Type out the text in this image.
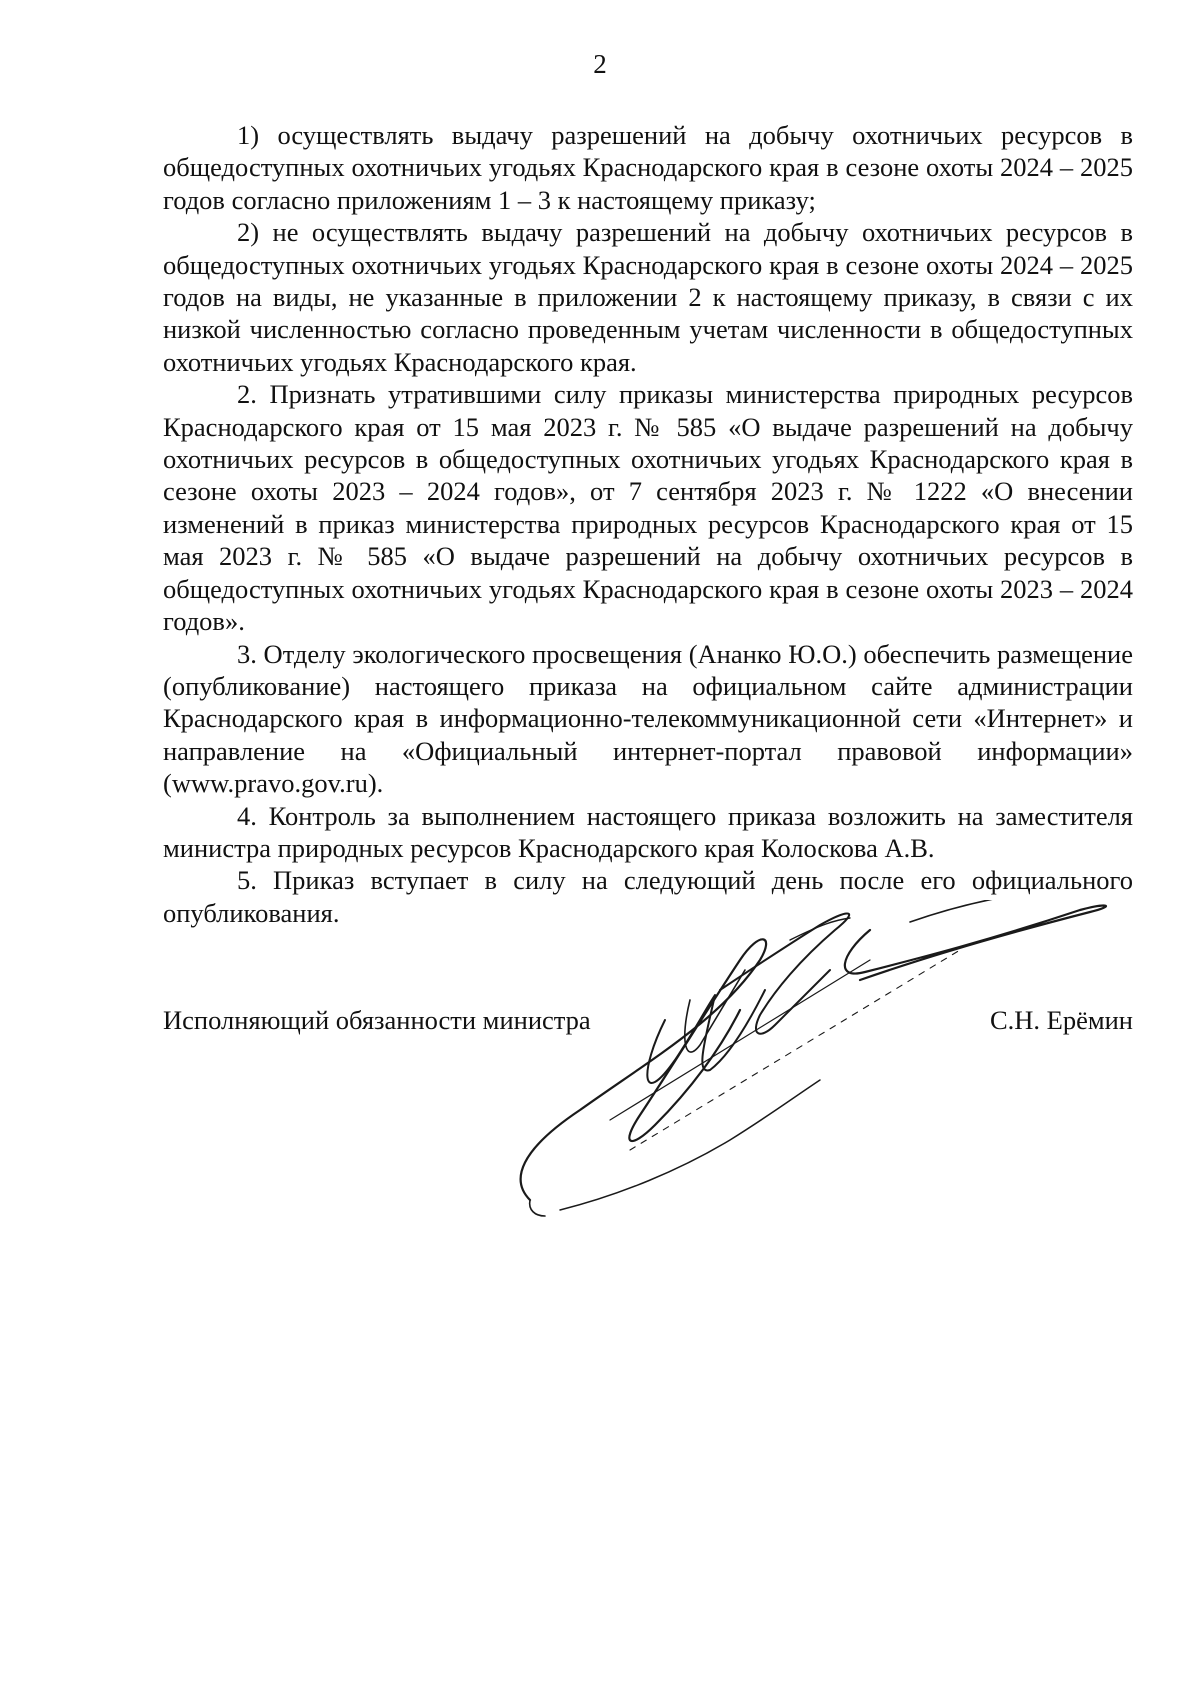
2

1) осуществлять выдачу разрешений на добычу охотничьих ресурсов в общедоступных охотничьих угодьях Краснодарского края в сезоне охоты 2024 – 2025 годов согласно приложениям 1 – 3 к настоящему приказу;

2) не осуществлять выдачу разрешений на добычу охотничьих ресурсов в общедоступных охотничьих угодьях Краснодарского края в сезоне охоты 2024 – 2025 годов на виды, не указанные в приложении 2 к настоящему приказу, в связи с их низкой численностью согласно проведенным учетам численности в общедоступных охотничьих угодьях Краснодарского края.

2. Признать утратившими силу приказы министерства природных ресурсов Краснодарского края от 15 мая 2023 г. № 585 «О выдаче разрешений на добычу охотничьих ресурсов в общедоступных охотничьих угодьях Краснодарского края в сезоне охоты 2023 – 2024 годов», от 7 сентября 2023 г. № 1222 «О внесении изменений в приказ министерства природных ресурсов Краснодарского края от 15 мая 2023 г. № 585 «О выдаче разрешений на добычу охотничьих ресурсов в общедоступных охотничьих угодьях Краснодарского края в сезоне охоты 2023 – 2024 годов».

3. Отделу экологического просвещения (Ананко Ю.О.) обеспечить размещение (опубликование) настоящего приказа на официальном сайте администрации Краснодарского края в информационно-телекоммуникационной сети «Интернет» и направление на «Официальный интернет-портал правовой информации» (www.pravo.gov.ru).

4. Контроль за выполнением настоящего приказа возложить на заместителя министра природных ресурсов Краснодарского края Колоскова А.В.

5. Приказ вступает в силу на следующий день после его официального опубликования.

Исполняющий обязанности министра	С.Н. Ерёмин
